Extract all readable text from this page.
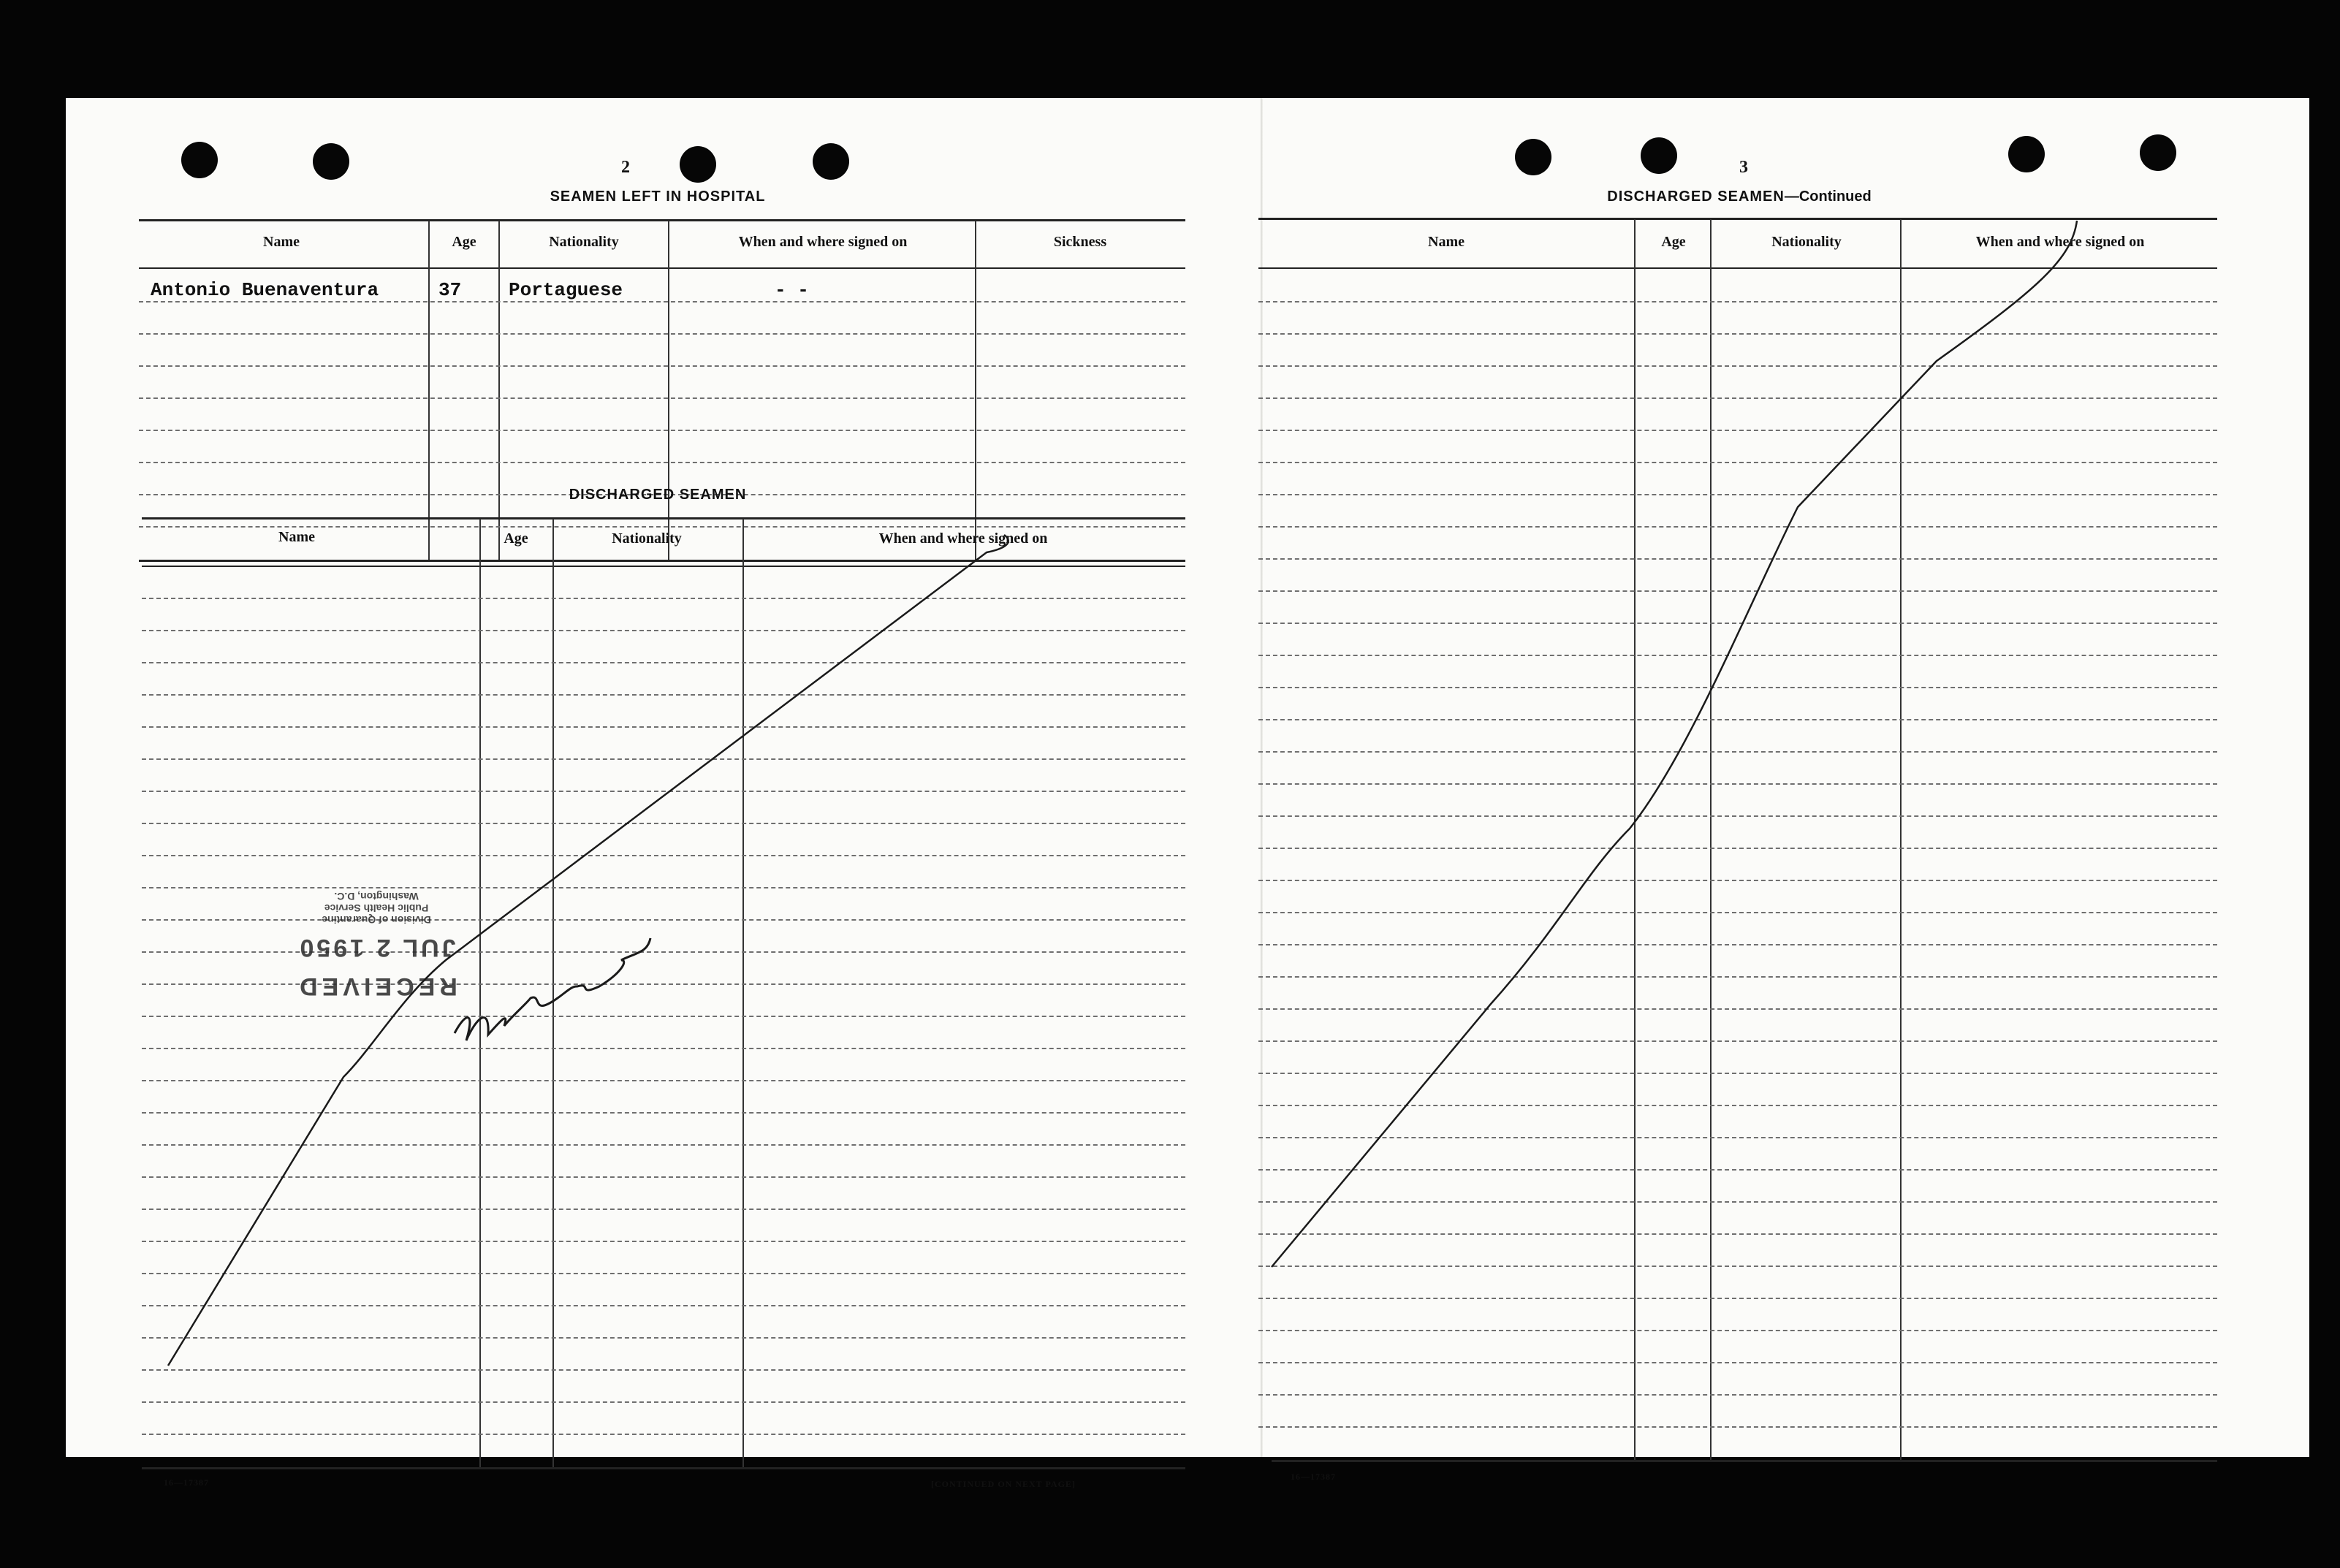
2
SEAMEN LEFT IN HOSPITAL
Name	Age	Nationality	When and where signed on	Sickness
Antonio Buenaventura	37 Portaguese	- -
DISCHARGED SEAMEN
Name	Age	Nationality	When and where signed on
16—17387	[CONTINUED ON NEXT PAGE]
RECEIVED
JUL 2 1950
Division of Quarantine
Public Health Service
Washington, D.C.
3
DISCHARGED SEAMEN—Continued
Name	Age	Nationality	When and where signed on
16—17387
